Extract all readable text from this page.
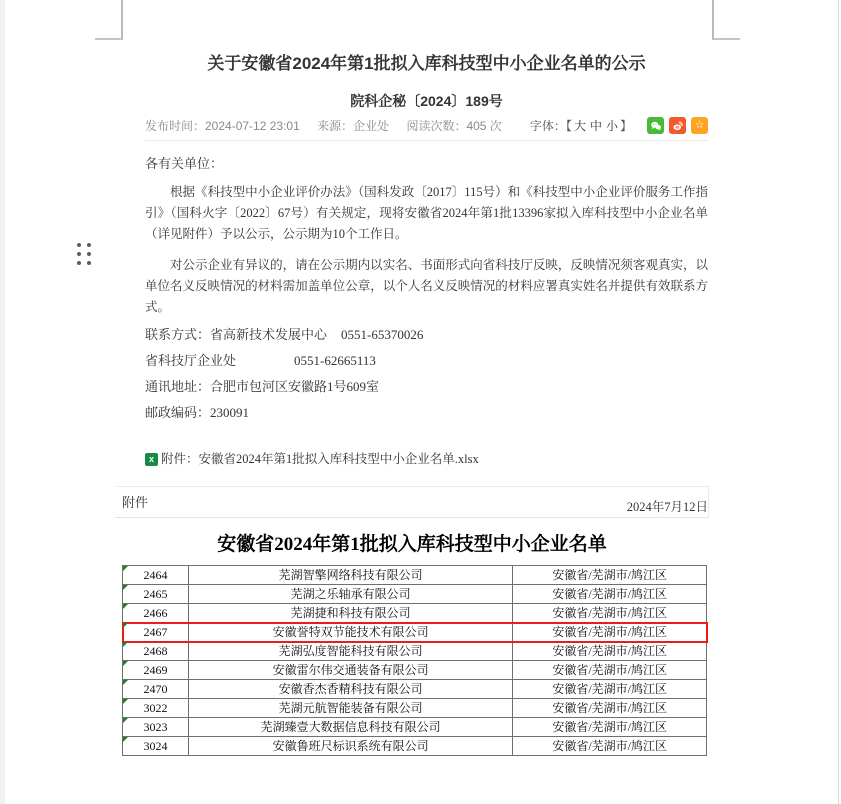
关于安徽省2024年第1批拟入库科技型中小企业名单的公示
院科企秘〔2024〕189号
发布时间：2024-07-12 23:01 来源：企业处 阅读次数：405 次	字体：【 大 中 小 】	☆
各有关单位：

根据《科技型中小企业评价办法》（国科发政〔2017〕115号）和《科技型中小企业评价服务工作指引》（国科火字〔2022〕67号）有关规定，现将安徽省2024年第1批13396家拟入库科技型中小企业名单（详见附件）予以公示，公示期为10个工作日。

对公示企业有异议的，请在公示期内以实名、书面形式向省科技厅反映，反映情况须客观真实，以单位名义反映情况的材料需加盖单位公章，以个人名义反映情况的材料应署真实姓名并提供有效联系方式。

联系方式：省高新技术发展中心 0551-65370026
省科技厅企业处	0551-62665113
通讯地址：合肥市包河区安徽路1号609室
邮政编码：230091
x 附件： 安徽省2024年第1批拟入库科技型中小企业名单.xlsx
2024年7月12日
附件
安徽省2024年第1批拟入库科技型中小企业名单
2464	芜湖智擎网络科技有限公司	安徽省/芜湖市/鸠江区

2465	芜湖之乐轴承有限公司	安徽省/芜湖市/鸠江区

2466	芜湖捷和科技有限公司	安徽省/芜湖市/鸠江区

2467	安徽誉特双节能技术有限公司	安徽省/芜湖市/鸠江区

2468	芜湖弘度智能科技有限公司	安徽省/芜湖市/鸠江区

2469	安徽雷尔伟交通装备有限公司	安徽省/芜湖市/鸠江区

2470	安徽香杰香精科技有限公司	安徽省/芜湖市/鸠江区

3022	芜湖元航智能装备有限公司	安徽省/芜湖市/鸠江区

3023	芜湖臻壹大数据信息科技有限公司	安徽省/芜湖市/鸠江区

3024	安徽鲁班尺标识系统有限公司	安徽省/芜湖市/鸠江区
